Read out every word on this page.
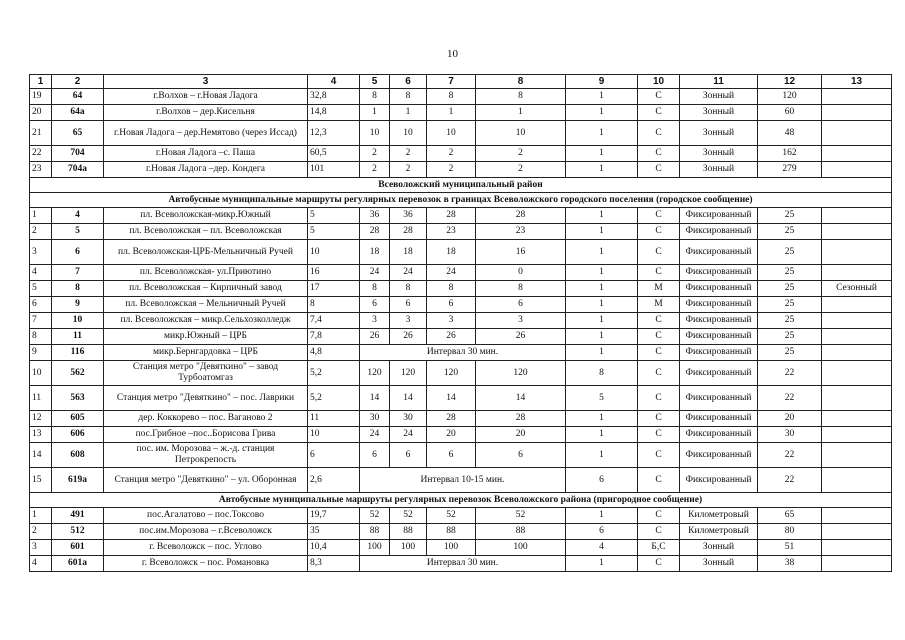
10
1	2	3	4	5	6	7	8	9	10	11	12	13
19	64	г.Волхов – г.Новая Ладога	32,8	8	8	8	8	1	С	Зонный	120	
20	64а	г.Волхов – дер.Кисельня	14,8	1	1	1	1	1	С	Зонный	60	
21	65	г.Новая Ладога – дер.Немятово (через Иссад)	12,3	10	10	10	10	1	С	Зонный	48	
22	704	г.Новая Ладога –с. Паша	60,5	2	2	2	2	1	С	Зонный	162	
23	704а	г.Новая Ладога –дер. Кондега	101	2	2	2	2	1	С	Зонный	279	
Всеволожский муниципальный район												
Автобусные муниципальные маршруты регулярных перевозок в границах Всеволожского городского поселения (городское сообщение)												
1	4	пл. Всеволожская-микр.Южный	5	36	36	28	28	1	С	Фиксированный	25	
2	5	пл. Всеволожская – пл. Всеволожская	5	28	28	23	23	1	С	Фиксированный	25	
3	6	пл. Всеволожская-ЦРБ-Мельничный Ручей	10	18	18	18	16	1	С	Фиксированный	25	
4	7	пл. Всеволожская- ул.Приютино	16	24	24	24	0	1	С	Фиксированный	25	
5	8	пл. Всеволожская – Кирпичный завод	17	8	8	8	8	1	М	Фиксированный	25	Сезонный
6	9	пл. Всеволожская – Мельничный Ручей	8	6	6	6	6	1	М	Фиксированный	25	
7	10	пл. Всеволожская – микр.Сельхозколледж	7,4	3	3	3	3	1	С	Фиксированный	25	
8	11	микр.Южный – ЦРБ	7,8	26	26	26	26	1	С	Фиксированный	25	
9	116	микр.Бернгардовка – ЦРБ	4,8	Интервал 30 мин.				1	С	Фиксированный	25	
10	562	Станция метро "Девяткино" – завод Турбоатомгаз	5,2	120	120	120	120	8	С	Фиксированный	22	
11	563	Станция метро "Девяткино" – пос. Лаврики	5,2	14	14	14	14	5	С	Фиксированный	22	
12	605	дер. Коккорево – пос. Ваганово 2	11	30	30	28	28	1	С	Фиксированный	20	
13	606	пос.Грибное –пос..Борисова Грива	10	24	24	20	20	1	С	Фиксированный	30	
14	608	пос. им. Морозова – ж.-д. станция Петрокрепость	6	6	6	6	6	1	С	Фиксированный	22	
15	619а	Станция метро "Девяткино" – ул. Оборонная	2,6	Интервал 10-15 мин.				6	С	Фиксированный	22	
Автобусные муниципальные маршруты регулярных перевозок Всеволожского района (пригородное сообщение)												
1	491	пос.Агалатово – пос.Токсово	19,7	52	52	52	52	1	С	Километровый	65	
2	512	пос.им.Морозова – г.Всеволожск	35	88	88	88	88	6	С	Километровый	80	
3	601	г. Всеволожск – пос. Углово	10,4	100	100	100	100	4	Б,С	Зонный	51	
4	601а	г. Всеволожск – пос. Романовка	8,3	Интервал 30 мин.				1	С	Зонный	38	
